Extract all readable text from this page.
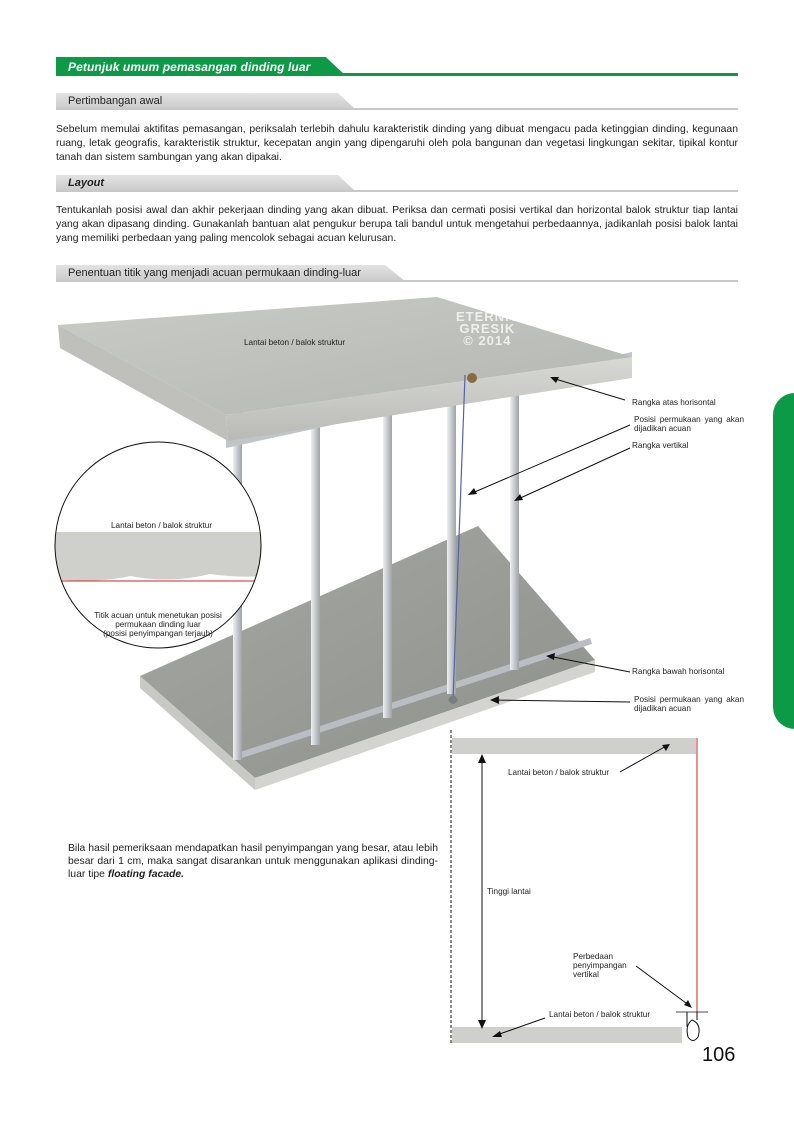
Petunjuk umum pemasangan dinding luar
Pertimbangan awal
Sebelum memulai aktifitas pemasangan, periksalah terlebih dahulu karakteristik dinding yang dibuat mengacu pada ketinggian dinding, kegunaan ruang, letak geografis, karakteristik struktur, kecepatan angin yang dipengaruhi oleh pola bangunan dan vegetasi lingkungan sekitar, tipikal kontur tanah dan sistem sambungan yang akan dipakai.
Layout
Tentukanlah posisi awal dan akhir pekerjaan dinding yang akan dibuat. Periksa dan cermati posisi vertikal dan horizontal balok struktur tiap lantai yang akan dipasang dinding. Gunakanlah bantuan alat pengukur berupa tali bandul untuk mengetahui perbedaannya, jadikanlah posisi balok lantai yang memiliki perbedaan yang paling mencolok sebagai acuan kelurusan.
Penentuan titik yang menjadi acuan permukaan dinding-luar
ETERNIT
GRESIK
© 2014
Lantai beton / balok struktur
Rangka atas horisontal
Posisi permukaan yang akan dijadikan acuan
Rangka vertikal
Rangka bawah horisontal
Posisi permukaan yang akan dijadikan acuan
Lantai beton / balok struktur
Titik acuan untuk menetukan posisi
permukaan dinding luar
(posisi penyimpangan terjauh)
Lantai beton / balok struktur
Tinggi lantai
Perbedaan penyimpangan vertikal
Lantai beton / balok struktur
Bila hasil pemeriksaan mendapatkan hasil penyimpangan yang besar, atau lebih besar dari 1 cm, maka sangat disarankan untuk menggunakan aplikasi dinding-luar tipe floating facade.
106
